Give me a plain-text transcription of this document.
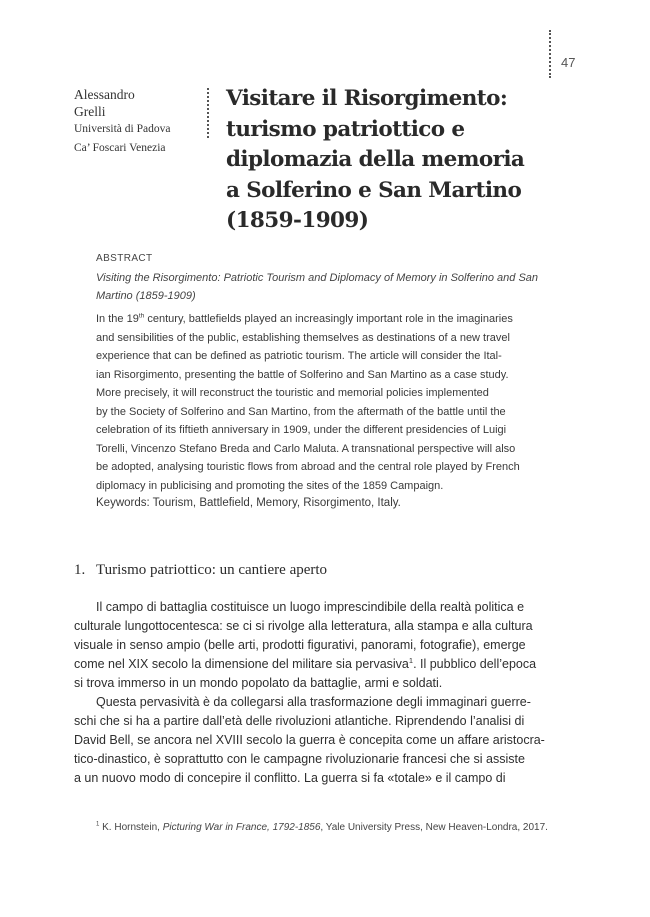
47
Alessandro
Grelli
Università di Padova
Ca’ Foscari Venezia
Visitare il Risorgimento:
turismo patriottico e
diplomazia della memoria
a Solferino e San Martino
(1859-1909)
ABSTRACT
Visiting the Risorgimento: Patriotic Tourism and Diplomacy of Memory in Solferino and San Martino (1859-1909)
In the 19th century, battlefields played an increasingly important role in the imaginaries
and sensibilities of the public, establishing themselves as destinations of a new travel
experience that can be defined as patriotic tourism. The article will consider the Ital-
ian Risorgimento, presenting the battle of Solferino and San Martino as a case study.
More precisely, it will reconstruct the touristic and memorial policies implemented
by the Society of Solferino and San Martino, from the aftermath of the battle until the
celebration of its fiftieth anniversary in 1909, under the different presidencies of Luigi
Torelli, Vincenzo Stefano Breda and Carlo Maluta. A transnational perspective will also
be adopted, analysing touristic flows from abroad and the central role played by French
diplomacy in publicising and promoting the sites of the 1859 Campaign.
Keywords: Tourism, Battlefield, Memory, Risorgimento, Italy.
1. Turismo patriottico: un cantiere aperto
Il campo di battaglia costituisce un luogo imprescindibile della realtà politica e
culturale lungottocentesca: se ci si rivolge alla letteratura, alla stampa e alla cultura
visuale in senso ampio (belle arti, prodotti figurativi, panorami, fotografie), emerge
come nel XIX secolo la dimensione del militare sia pervasiva$^1$. Il pubblico dell’epoca
si trova immerso in un mondo popolato da battaglie, armi e soldati.
Questa pervasività è da collegarsi alla trasformazione degli immaginari guerre-
schi che si ha a partire dall’età delle rivoluzioni atlantiche. Riprendendo l’analisi di
David Bell, se ancora nel XVIII secolo la guerra è concepita come un affare aristocra-
tico-dinastico, è soprattutto con le campagne rivoluzionarie francesi che si assiste
a un nuovo modo di concepire il conflitto. La guerra si fa «totale» e il campo di
$^1$ K. Hornstein, Picturing War in France, 1792-1856, Yale University Press, New Heaven-Londra, 2017.
